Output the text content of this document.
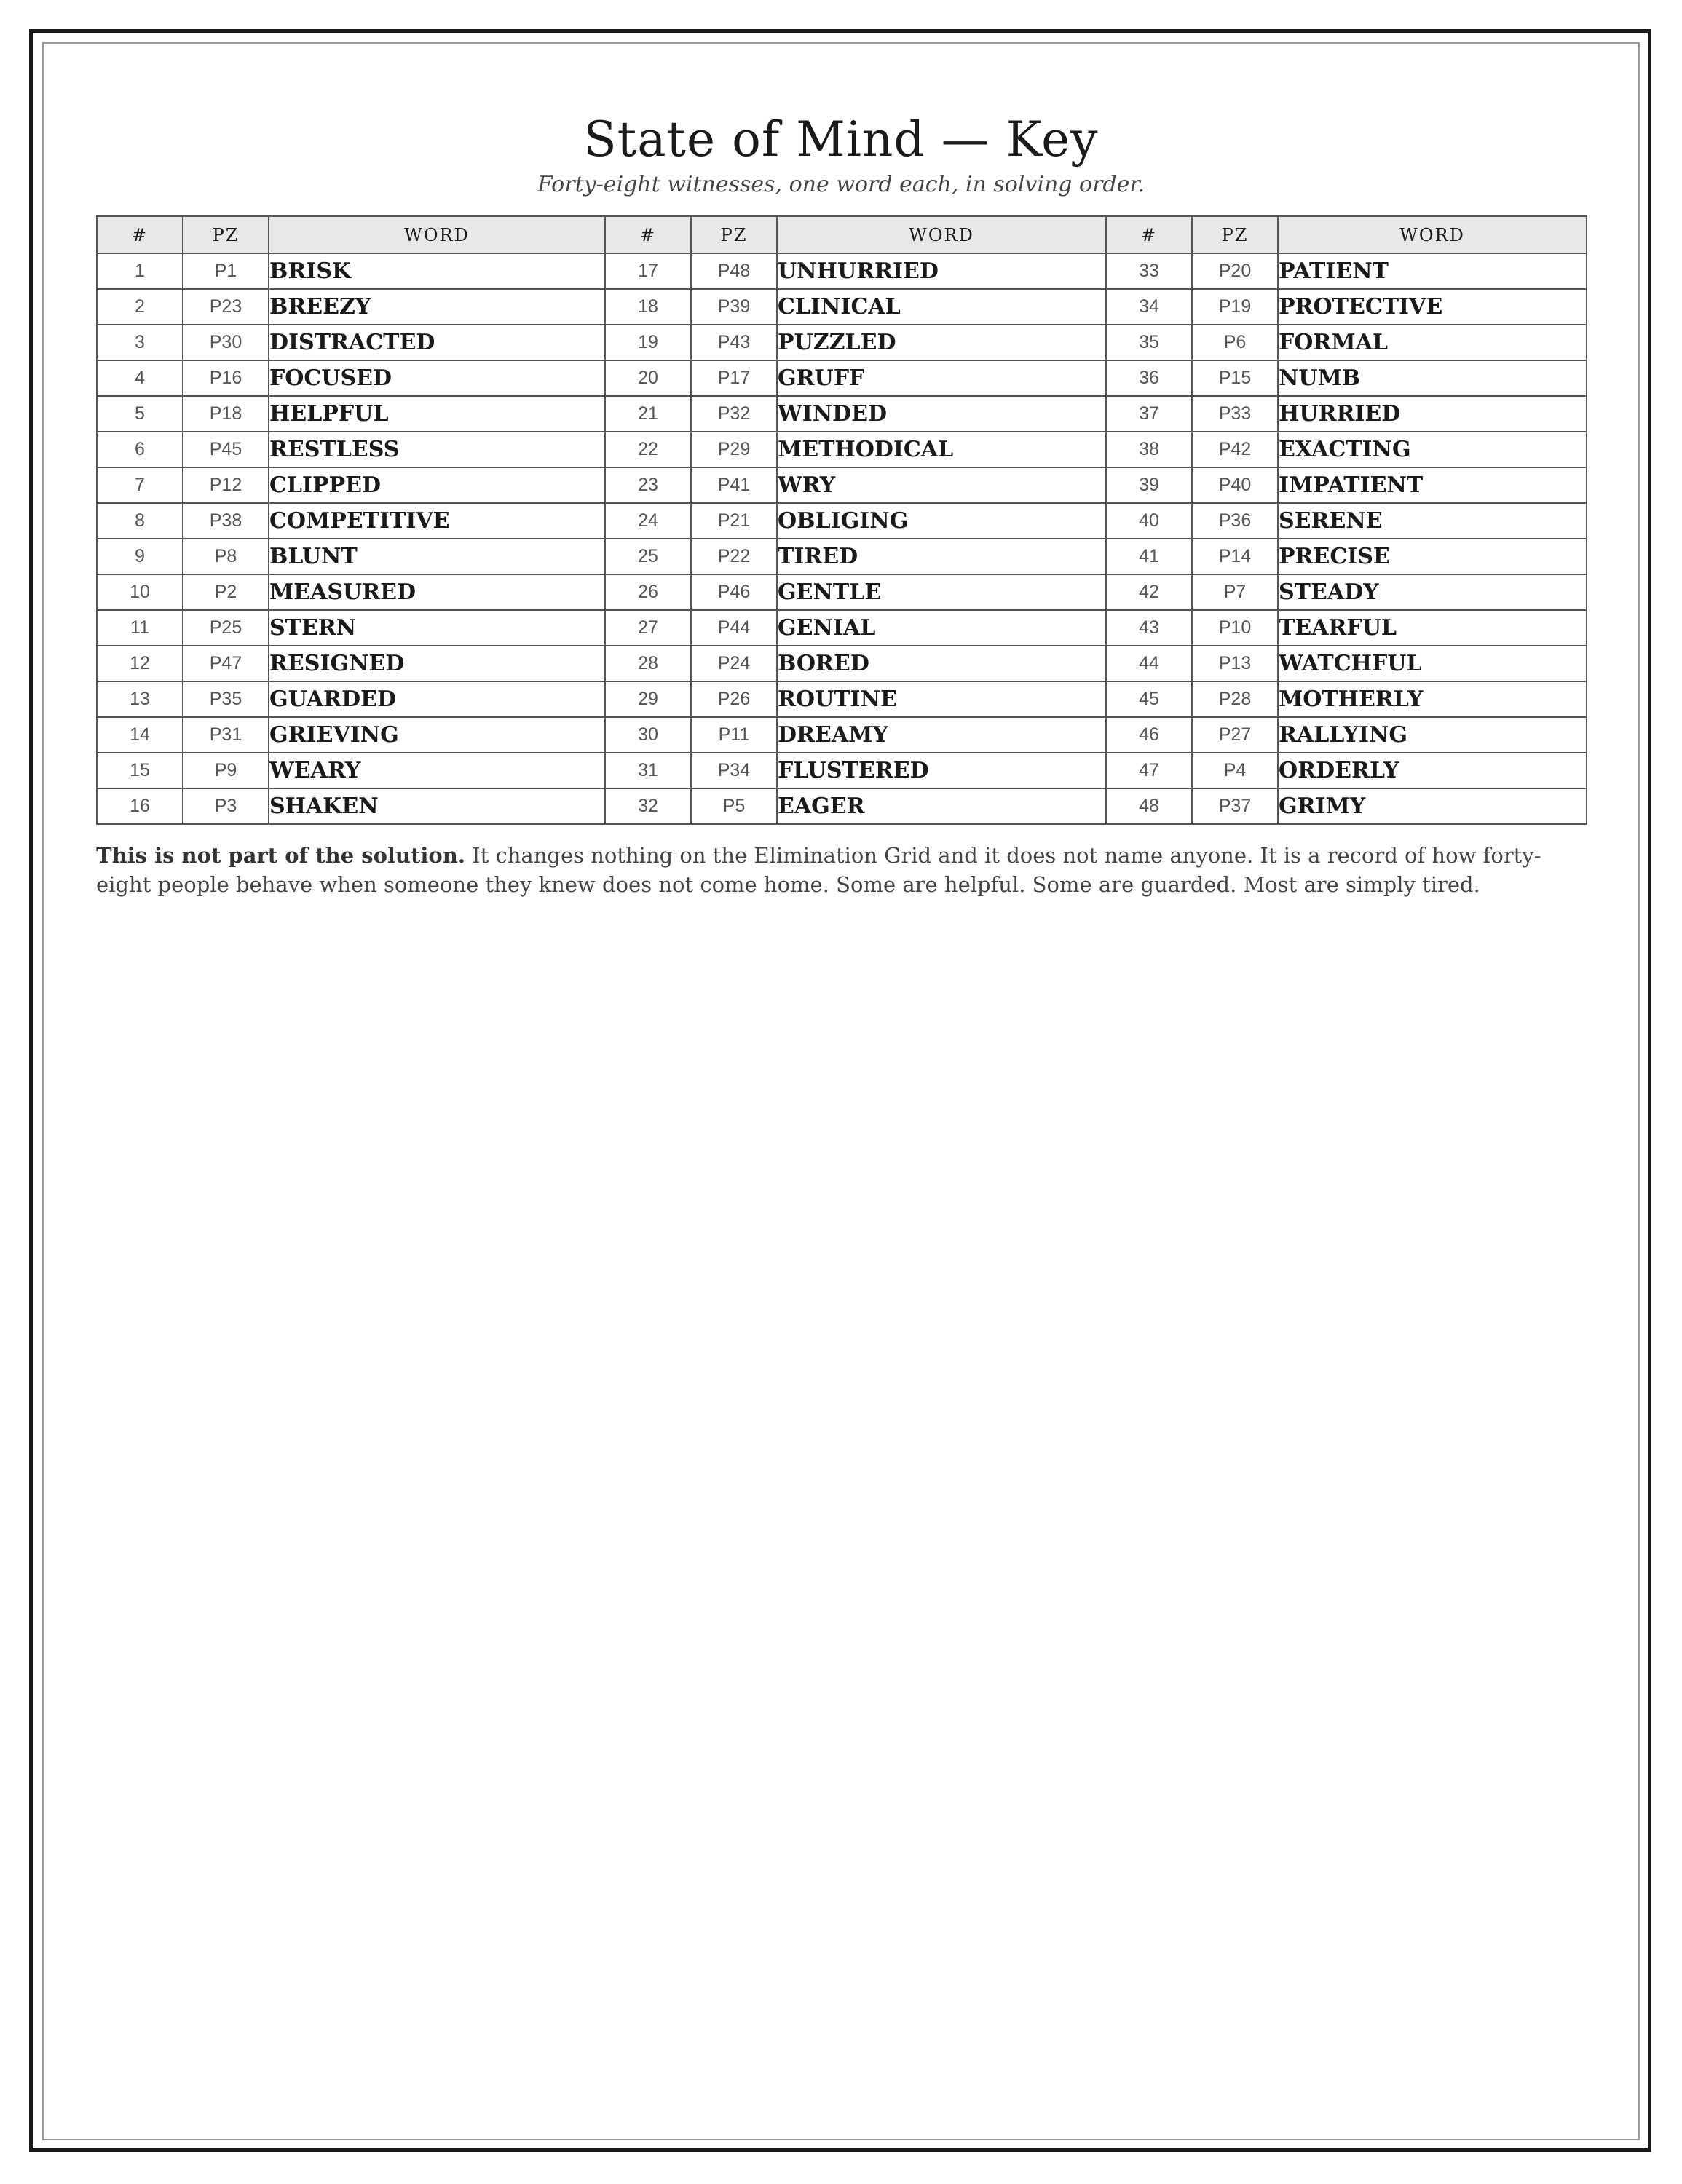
State of Mind — Key

Forty-eight witnesses, one word each, in solving order.

#	PZ	WORD	#	PZ	WORD	#	PZ	WORD
1	P1	BRISK	17	P48	UNHURRIED	33	P20	PATIENT
2	P23	BREEZY	18	P39	CLINICAL	34	P19	PROTECTIVE
3	P30	DISTRACTED	19	P43	PUZZLED	35	P6	FORMAL
4	P16	FOCUSED	20	P17	GRUFF	36	P15	NUMB
5	P18	HELPFUL	21	P32	WINDED	37	P33	HURRIED
6	P45	RESTLESS	22	P29	METHODICAL	38	P42	EXACTING
7	P12	CLIPPED	23	P41	WRY	39	P40	IMPATIENT
8	P38	COMPETITIVE	24	P21	OBLIGING	40	P36	SERENE
9	P8	BLUNT	25	P22	TIRED	41	P14	PRECISE
10	P2	MEASURED	26	P46	GENTLE	42	P7	STEADY
11	P25	STERN	27	P44	GENIAL	43	P10	TEARFUL
12	P47	RESIGNED	28	P24	BORED	44	P13	WATCHFUL
13	P35	GUARDED	29	P26	ROUTINE	45	P28	MOTHERLY
14	P31	GRIEVING	30	P11	DREAMY	46	P27	RALLYING
15	P9	WEARY	31	P34	FLUSTERED	47	P4	ORDERLY
16	P3	SHAKEN	32	P5	EAGER	48	P37	GRIMY

This is not part of the solution. It changes nothing on the Elimination Grid and it does not name anyone. It is a record of how forty-eight people behave when someone they knew does not come home. Some are helpful. Some are guarded. Most are simply tired.
